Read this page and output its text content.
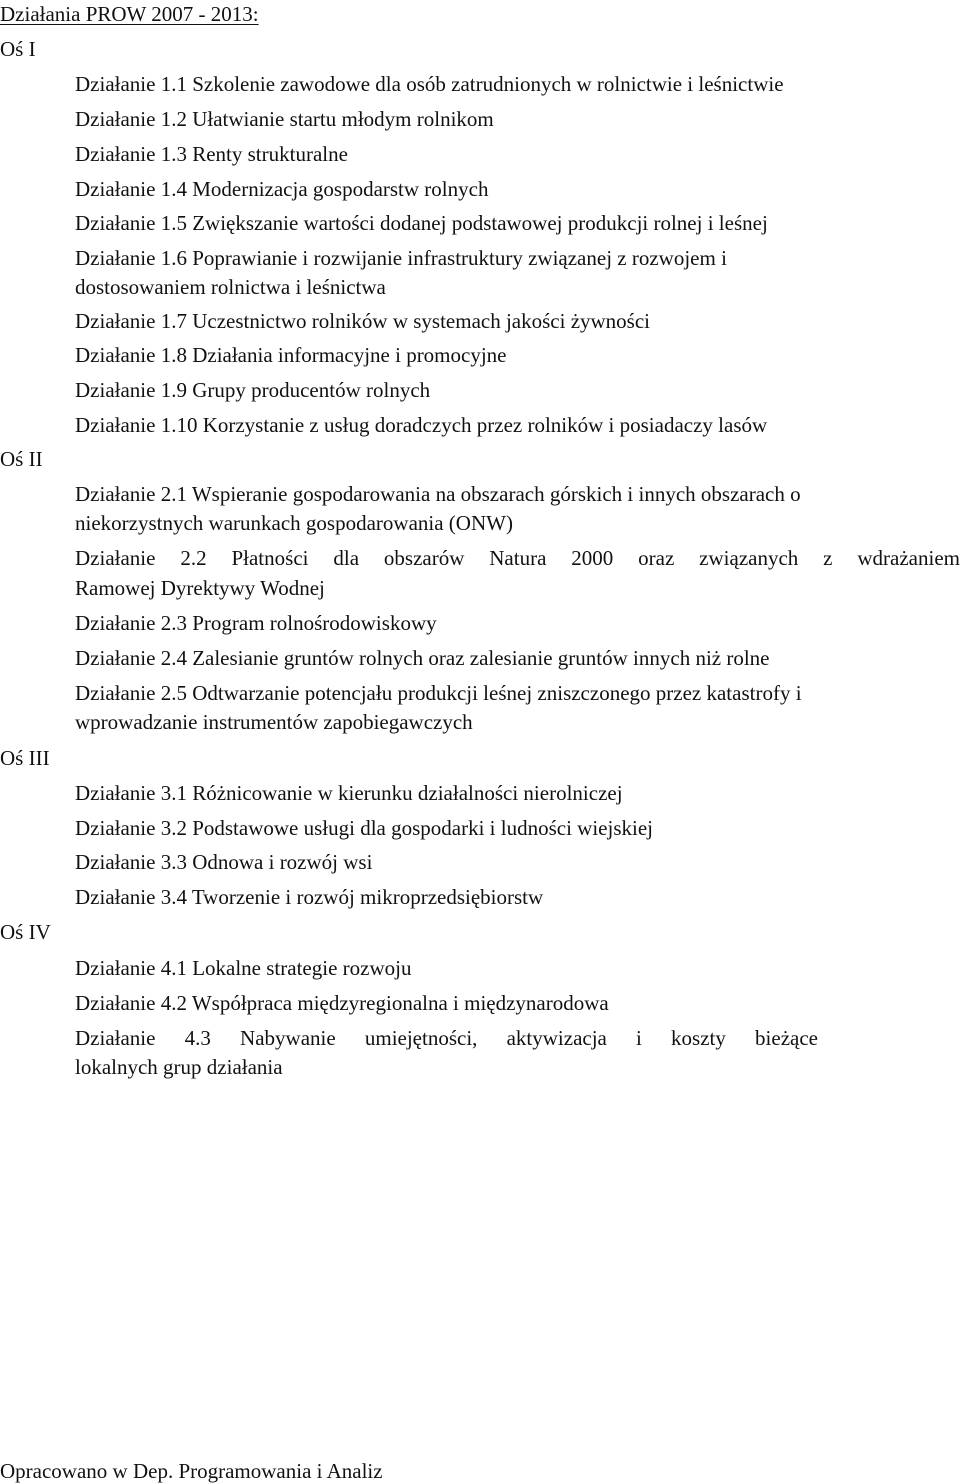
Działania PROW 2007 - 2013:
Oś I
Działanie 1.1 Szkolenie zawodowe dla osób zatrudnionych w rolnictwie i leśnictwie
Działanie 1.2 Ułatwianie startu młodym rolnikom
Działanie 1.3 Renty strukturalne
Działanie 1.4 Modernizacja gospodarstw rolnych
Działanie 1.5 Zwiększanie wartości dodanej podstawowej produkcji rolnej i leśnej
Działanie 1.6 Poprawianie i rozwijanie infrastruktury związanej z rozwojem i
dostosowaniem rolnictwa i leśnictwa
Działanie 1.7 Uczestnictwo rolników w systemach jakości żywności
Działanie 1.8 Działania informacyjne i promocyjne
Działanie 1.9 Grupy producentów rolnych
Działanie 1.10 Korzystanie z usług doradczych przez rolników i posiadaczy lasów
Oś II
Działanie 2.1 Wspieranie gospodarowania na obszarach górskich i innych obszarach o
niekorzystnych warunkach gospodarowania (ONW)
Działanie 2.2 Płatności dla obszarów Natura 2000 oraz związanych z wdrażaniem
Ramowej Dyrektywy Wodnej
Działanie 2.3 Program rolnośrodowiskowy
Działanie 2.4 Zalesianie gruntów rolnych oraz zalesianie gruntów innych niż rolne
Działanie 2.5 Odtwarzanie potencjału produkcji leśnej zniszczonego przez katastrofy i
wprowadzanie instrumentów zapobiegawczych
Oś III
Działanie 3.1 Różnicowanie w kierunku działalności nierolniczej
Działanie 3.2 Podstawowe usługi dla gospodarki i ludności wiejskiej
Działanie 3.3 Odnowa i rozwój wsi
Działanie 3.4 Tworzenie i rozwój mikroprzedsiębiorstw
Oś IV
Działanie 4.1 Lokalne strategie rozwoju
Działanie 4.2 Współpraca międzyregionalna i międzynarodowa
Działanie 4.3 Nabywanie umiejętności, aktywizacja i koszty bieżące
lokalnych grup działania
Opracowano w Dep. Programowania i Analiz
